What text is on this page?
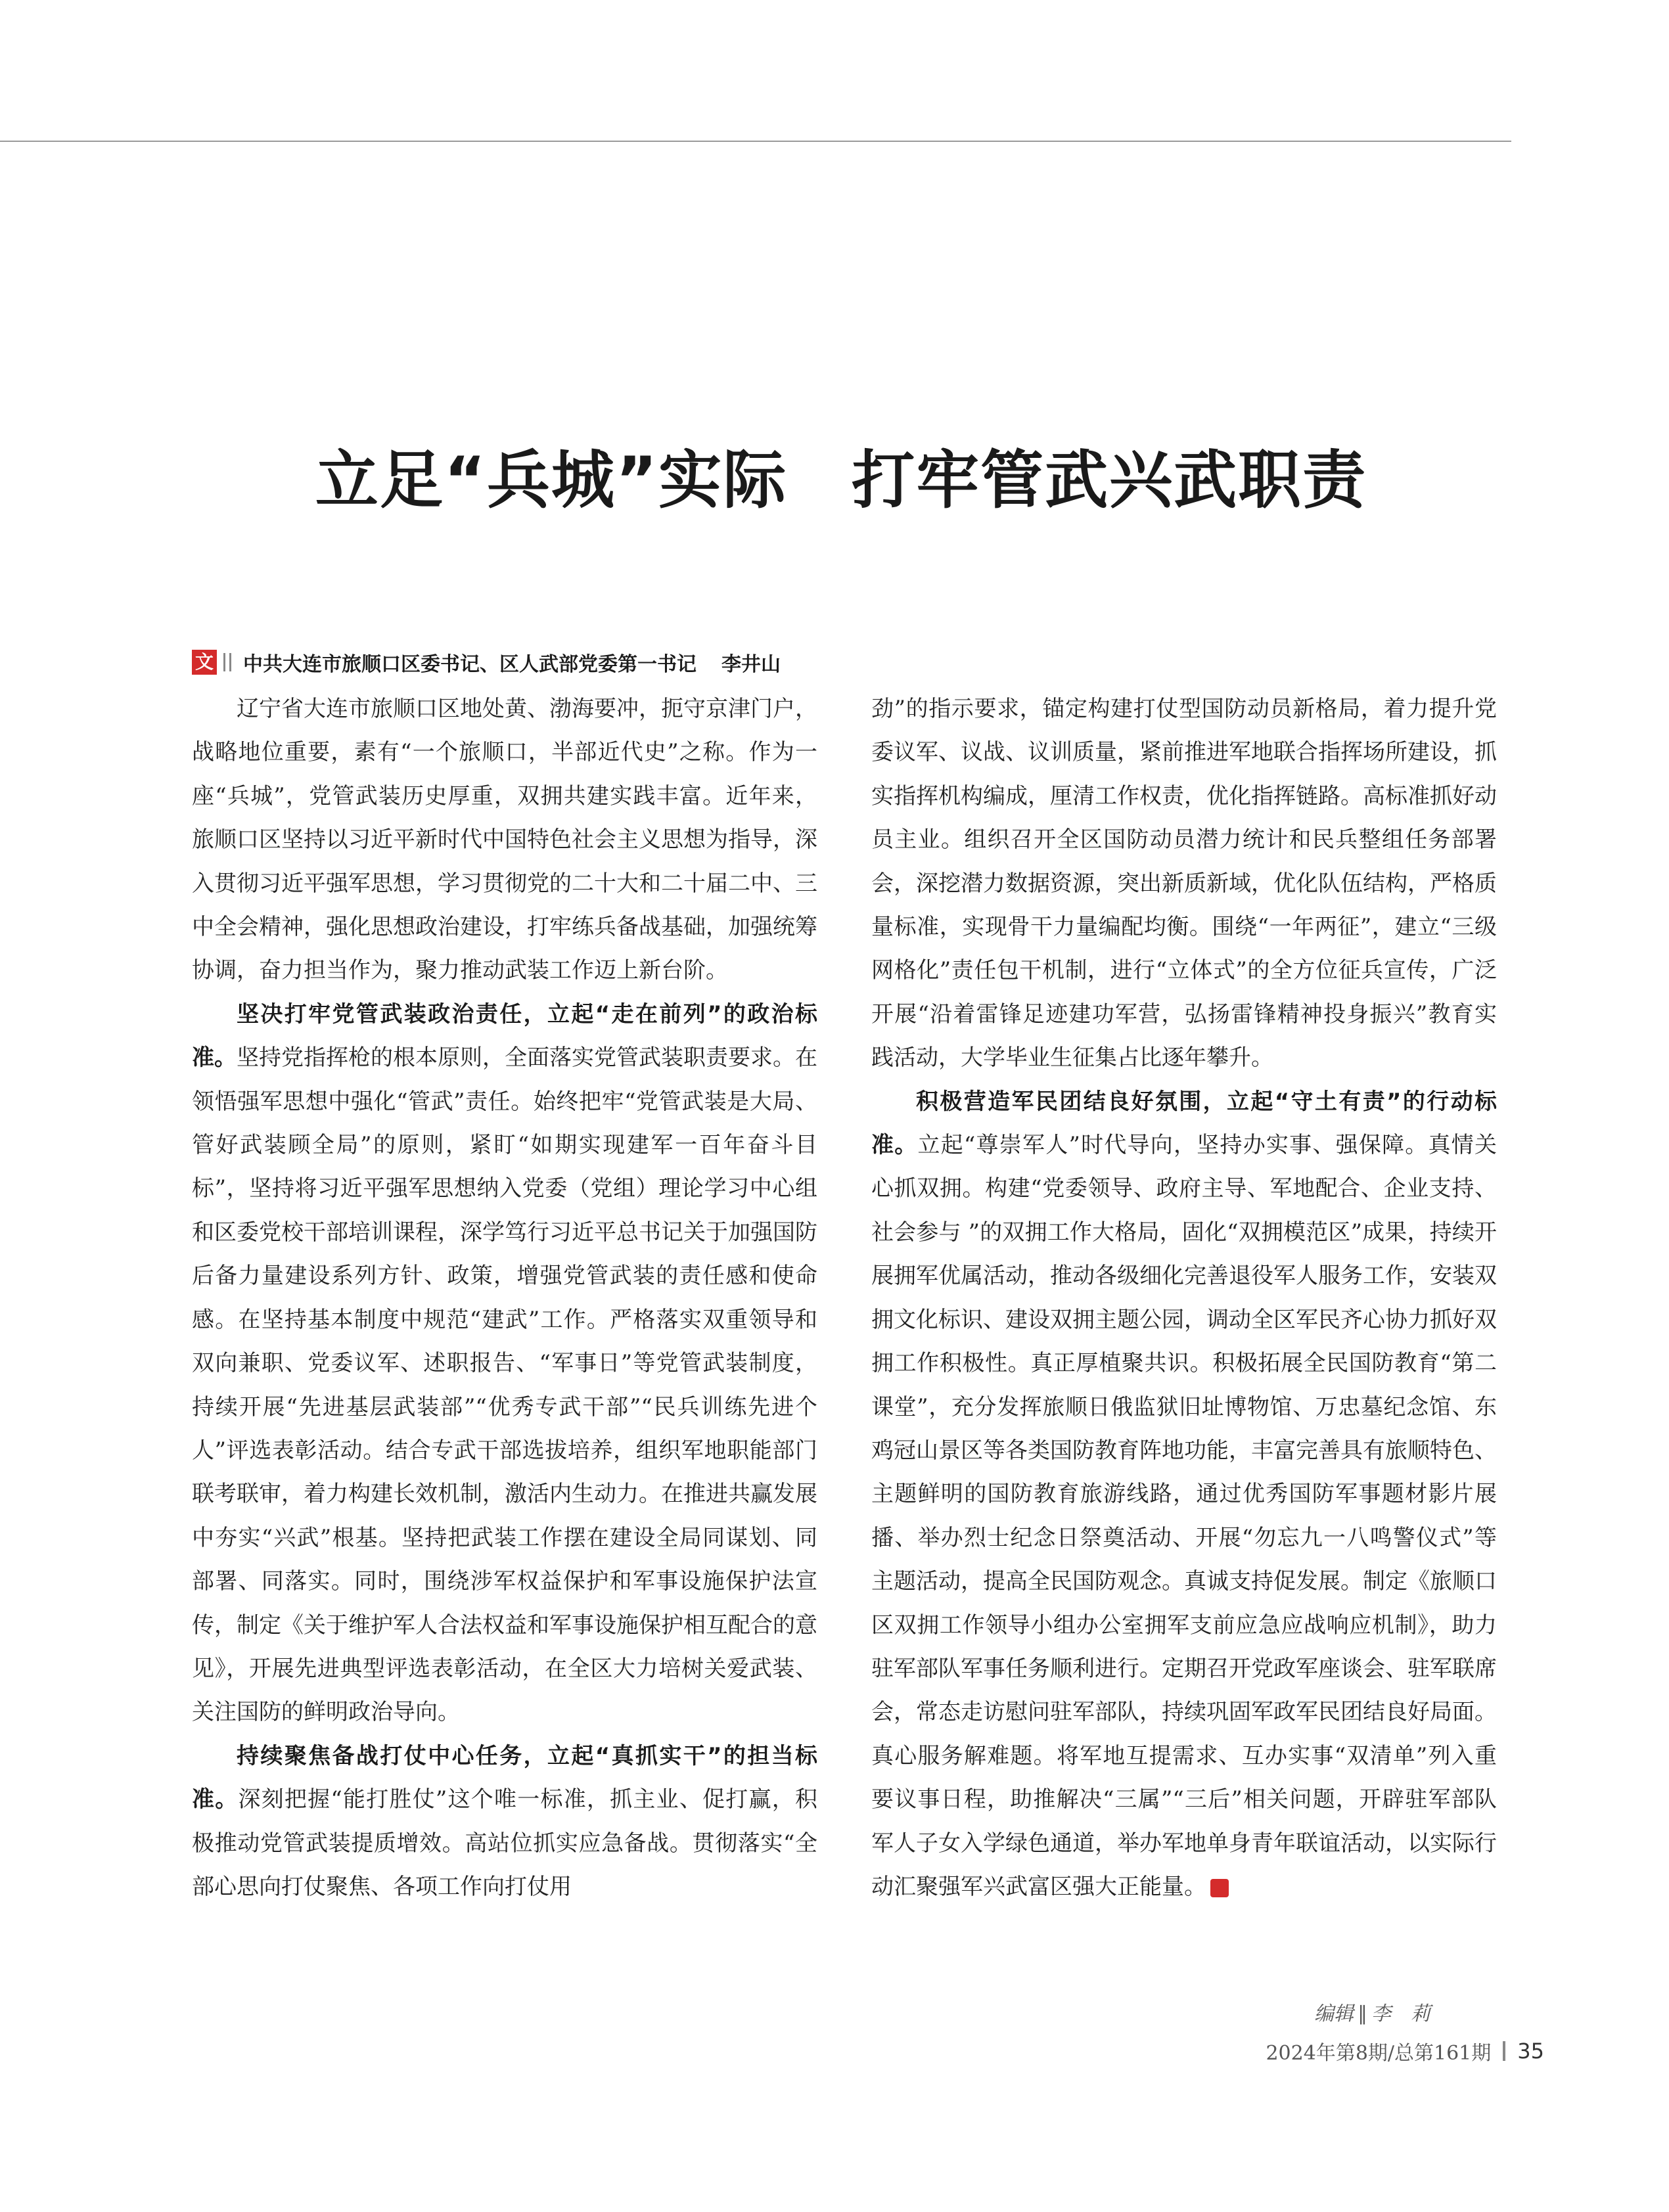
立足“兵城”实际　打牢管武兴武职责
文 中共大连市旅顺口区委书记、区人武部党委第一书记 李井山

辽宁省大连市旅顺口区地处黄、渤海要冲，扼守京津门户，战略地位重要，素有“一个旅顺口，半部近代史”之称。作为一座“兵城”，党管武装历史厚重，双拥共建实践丰富。近年来，旅顺口区坚持以习近平新时代中国特色社会主义思想为指导，深入贯彻习近平强军思想，学习贯彻党的二十大和二十届二中、三中全会精神，强化思想政治建设，打牢练兵备战基础，加强统筹协调，奋力担当作为，聚力推动武装工作迈上新台阶。

坚决打牢党管武装政治责任，立起“走在前列”的政治标准。坚持党指挥枪的根本原则，全面落实党管武装职责要求。在领悟强军思想中强化“管武”责任。始终把牢“党管武装是大局、管好武装顾全局”的原则，紧盯“如期实现建军一百年奋斗目标”，坚持将习近平强军思想纳入党委（党组）理论学习中心组和区委党校干部培训课程，深学笃行习近平总书记关于加强国防后备力量建设系列方针、政策，增强党管武装的责任感和使命感。在坚持基本制度中规范“建武”工作。严格落实双重领导和双向兼职、党委议军、述职报告、“军事日”等党管武装制度，持续开展“先进基层武装部”“优秀专武干部”“民兵训练先进个人”评选表彰活动。结合专武干部选拔培养，组织军地职能部门联考联审，着力构建长效机制，激活内生动力。在推进共赢发展中夯实“兴武”根基。坚持把武装工作摆在建设全局同谋划、同部署、同落实。同时，围绕涉军权益保护和军事设施保护法宣传，制定《关于维护军人合法权益和军事设施保护相互配合的意见》，开展先进典型评选表彰活动，在全区大力培树关爱武装、关注国防的鲜明政治导向。

持续聚焦备战打仗中心任务，立起“真抓实干”的担当标准。深刻把握“能打胜仗”这个唯一标准，抓主业、促打赢，积极推动党管武装提质增效。高站位抓实应急备战。贯彻落实“全部心思向打仗聚焦、各项工作向打仗用

劲”的指示要求，锚定构建打仗型国防动员新格局，着力提升党委议军、议战、议训质量，紧前推进军地联合指挥场所建设，抓实指挥机构编成，厘清工作权责，优化指挥链路。高标准抓好动员主业。组织召开全区国防动员潜力统计和民兵整组任务部署会，深挖潜力数据资源，突出新质新域，优化队伍结构，严格质量标准，实现骨干力量编配均衡。围绕“一年两征”，建立“三级网格化”责任包干机制，进行“立体式”的全方位征兵宣传，广泛开展“沿着雷锋足迹建功军营，弘扬雷锋精神投身振兴”教育实践活动，大学毕业生征集占比逐年攀升。

积极营造军民团结良好氛围，立起“守土有责”的行动标准。立起“尊崇军人”时代导向，坚持办实事、强保障。真情关心抓双拥。构建“党委领导、政府主导、军地配合、企业支持、社会参与 ”的双拥工作大格局，固化“双拥模范区”成果，持续开展拥军优属活动，推动各级细化完善退役军人服务工作，安装双拥文化标识、建设双拥主题公园，调动全区军民齐心协力抓好双拥工作积极性。真正厚植聚共识。积极拓展全民国防教育“第二课堂”，充分发挥旅顺日俄监狱旧址博物馆、万忠墓纪念馆、东鸡冠山景区等各类国防教育阵地功能，丰富完善具有旅顺特色、主题鲜明的国防教育旅游线路，通过优秀国防军事题材影片展播、举办烈士纪念日祭奠活动、开展“勿忘九一八鸣警仪式”等主题活动，提高全民国防观念。真诚支持促发展。制定《旅顺口区双拥工作领导小组办公室拥军支前应急应战响应机制》，助力驻军部队军事任务顺利进行。定期召开党政军座谈会、驻军联席会，常态走访慰问驻军部队，持续巩固军政军民团结良好局面。真心服务解难题。将军地互提需求、互办实事“双清单”列入重要议事日程，助推解决“三属”“三后”相关问题，开辟驻军部队军人子女入学绿色通道，举办军地单身青年联谊活动，以实际行动汇聚强军兴武富区强大正能量。	G

编辑 ∥ 李　莉
2024年第8期/总第161期 35
